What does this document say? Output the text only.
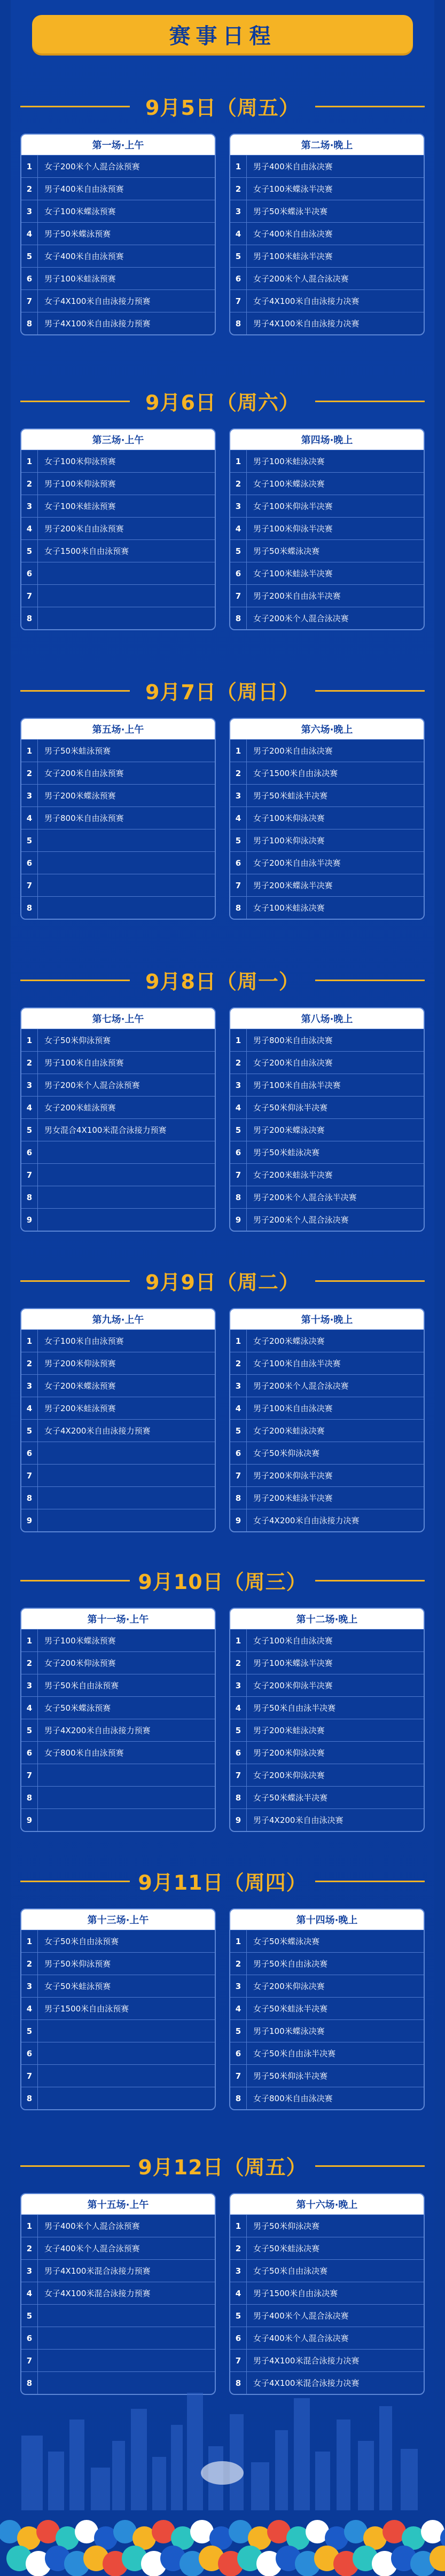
赛事日程
9月5日（周五）
第一场·上午
1	女子200米个人混合泳预赛
2	男子400米自由泳预赛
3	女子100米蝶泳预赛
4	男子50米蝶泳预赛
5	女子400米自由泳预赛
6	男子100米蛙泳预赛
7	女子4X100米自由泳接力预赛
8	男子4X100米自由泳接力预赛
第二场·晚上
1	男子400米自由泳决赛
2	女子100米蝶泳半决赛
3	男子50米蝶泳半决赛
4	女子400米自由泳决赛
5	男子100米蛙泳半决赛
6	女子200米个人混合泳决赛
7	女子4X100米自由泳接力决赛
8	男子4X100米自由泳接力决赛
9月6日（周六）
第三场·上午
1	女子100米仰泳预赛
2	男子100米仰泳预赛
3	女子100米蛙泳预赛
4	男子200米自由泳预赛
5	女子1500米自由泳预赛
6
7
8
第四场·晚上
1	男子100米蛙泳决赛
2	女子100米蝶泳决赛
3	女子100米仰泳半决赛
4	男子100米仰泳半决赛
5	男子50米蝶泳决赛
6	女子100米蛙泳半决赛
7	男子200米自由泳半决赛
8	女子200米个人混合泳决赛
9月7日（周日）
第五场·上午
1	男子50米蛙泳预赛
2	女子200米自由泳预赛
3	男子200米蝶泳预赛
4	男子800米自由泳预赛
5
6
7
8
第六场·晚上
1	男子200米自由泳决赛
2	女子1500米自由泳决赛
3	男子50米蛙泳半决赛
4	女子100米仰泳决赛
5	男子100米仰泳决赛
6	女子200米自由泳半决赛
7	男子200米蝶泳半决赛
8	女子100米蛙泳决赛
9月8日（周一）
第七场·上午
1	女子50米仰泳预赛
2	男子100米自由泳预赛
3	男子200米个人混合泳预赛
4	女子200米蛙泳预赛
5	男女混合4X100米混合泳接力预赛
6
7
8
9
第八场·晚上
1	男子800米自由泳决赛
2	女子200米自由泳决赛
3	男子100米自由泳半决赛
4	女子50米仰泳半决赛
5	男子200米蝶泳决赛
6	男子50米蛙泳决赛
7	女子200米蛙泳半决赛
8	男子200米个人混合泳半决赛
9	男子200米个人混合泳决赛
9月9日（周二）
第九场·上午
1	女子100米自由泳预赛
2	男子200米仰泳预赛
3	女子200米蝶泳预赛
4	男子200米蛙泳预赛
5	女子4X200米自由泳接力预赛
6
7
8
9
第十场·晚上
1	女子200米蝶泳决赛
2	女子100米自由泳半决赛
3	男子200米个人混合泳决赛
4	男子100米自由泳决赛
5	女子200米蛙泳决赛
6	女子50米仰泳决赛
7	男子200米仰泳半决赛
8	男子200米蛙泳半决赛
9	女子4X200米自由泳接力决赛
9月10日（周三）
第十一场·上午
1	男子100米蝶泳预赛
2	女子200米仰泳预赛
3	男子50米自由泳预赛
4	女子50米蝶泳预赛
5	男子4X200米自由泳接力预赛
6	女子800米自由泳预赛
7
8
9
第十二场·晚上
1	女子100米自由泳决赛
2	男子100米蝶泳半决赛
3	女子200米仰泳半决赛
4	男子50米自由泳半决赛
5	男子200米蛙泳决赛
6	男子200米仰泳决赛
7	女子200米仰泳决赛
8	女子50米蝶泳半决赛
9	男子4X200米自由泳决赛
9月11日（周四）
第十三场·上午
1	女子50米自由泳预赛
2	男子50米仰泳预赛
3	女子50米蛙泳预赛
4	男子1500米自由泳预赛
5
6
7
8
第十四场·晚上
1	女子50米蝶泳决赛
2	男子50米自由泳决赛
3	女子200米仰泳决赛
4	女子50米蛙泳半决赛
5	男子100米蝶泳决赛
6	女子50米自由泳半决赛
7	男子50米仰泳半决赛
8	女子800米自由泳决赛
9月12日（周五）
第十五场·上午
1	男子400米个人混合泳预赛
2	女子400米个人混合泳预赛
3	男子4X100米混合泳接力预赛
4	女子4X100米混合泳接力预赛
5
6
7
8
第十六场·晚上
1	男子50米仰泳决赛
2	女子50米蛙泳决赛
3	女子50米自由泳决赛
4	男子1500米自由泳决赛
5	男子400米个人混合泳决赛
6	女子400米个人混合泳决赛
7	男子4X100米混合泳接力决赛
8	女子4X100米混合泳接力决赛
